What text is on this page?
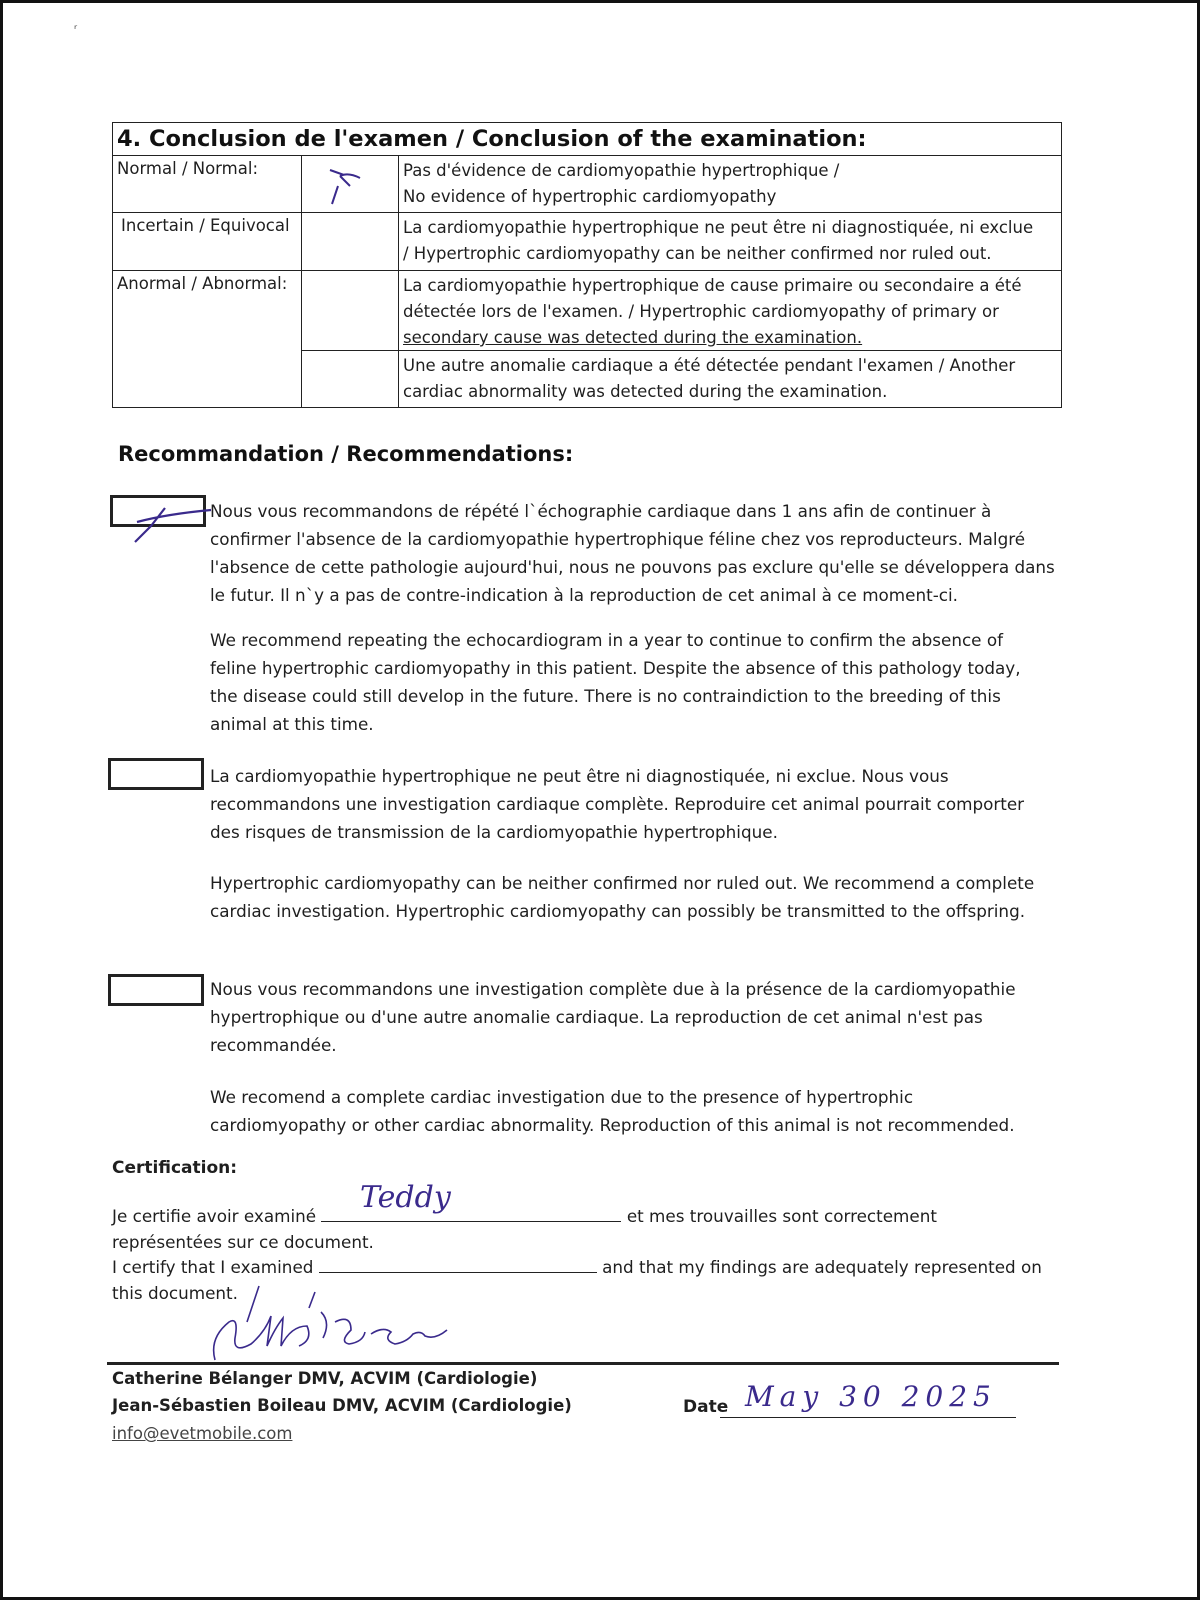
ʳ
4. Conclusion de l'examen / Conclusion of the examination:
Normal / Normal:	Pas d'évidence de cardiomyopathie hypertrophique /
No evidence of hypertrophic cardiomyopathy
Incertain / Equivocal	La cardiomyopathie hypertrophique ne peut être ni diagnostiquée, ni exclue
/ Hypertrophic cardiomyopathy can be neither confirmed nor ruled out.
Anormal / Abnormal:	La cardiomyopathie hypertrophique de cause primaire ou secondaire a été
détectée lors de l'examen. / Hypertrophic cardiomyopathy of primary or
secondary cause was detected during the examination.
Une autre anomalie cardiaque a été détectée pendant l'examen / Another
cardiac abnormality was detected during the examination.
Recommandation / Recommendations:
Nous vous recommandons de répété l`échographie cardiaque dans 1 ans afin de continuer à
confirmer l'absence de la cardiomyopathie hypertrophique féline chez vos reproducteurs. Malgré
l'absence de cette pathologie aujourd'hui, nous ne pouvons pas exclure qu'elle se développera dans
le futur. Il n`y a pas de contre-indication à la reproduction de cet animal à ce moment-ci.
We recommend repeating the echocardiogram in a year to continue to confirm the absence of
feline hypertrophic cardiomyopathy in this patient. Despite the absence of this pathology today,
the disease could still develop in the future. There is no contraindiction to the breeding of this
animal at this time.
La cardiomyopathie hypertrophique ne peut être ni diagnostiquée, ni exclue. Nous vous
recommandons une investigation cardiaque complète. Reproduire cet animal pourrait comporter
des risques de transmission de la cardiomyopathie hypertrophique.
Hypertrophic cardiomyopathy can be neither confirmed nor ruled out. We recommend a complete
cardiac investigation. Hypertrophic cardiomyopathy can possibly be transmitted to the offspring.
Nous vous recommandons une investigation complète due à la présence de la cardiomyopathie
hypertrophique ou d'une autre anomalie cardiaque. La reproduction de cet animal n'est pas
recommandée.
We recomend a complete cardiac investigation due to the presence of hypertrophic
cardiomyopathy or other cardiac abnormality. Reproduction of this animal is not recommended.
Certification:
Je certifie avoir examiné	et mes trouvailles sont correctement
Teddy
représentées sur ce document.
I certify that I examined	and that my findings are adequately represented on
this document.
Catherine Bélanger DMV, ACVIM (Cardiologie)
Jean-Sébastien Boileau DMV, ACVIM (Cardiologie)
info@evetmobile.com
Date May 30 2025
